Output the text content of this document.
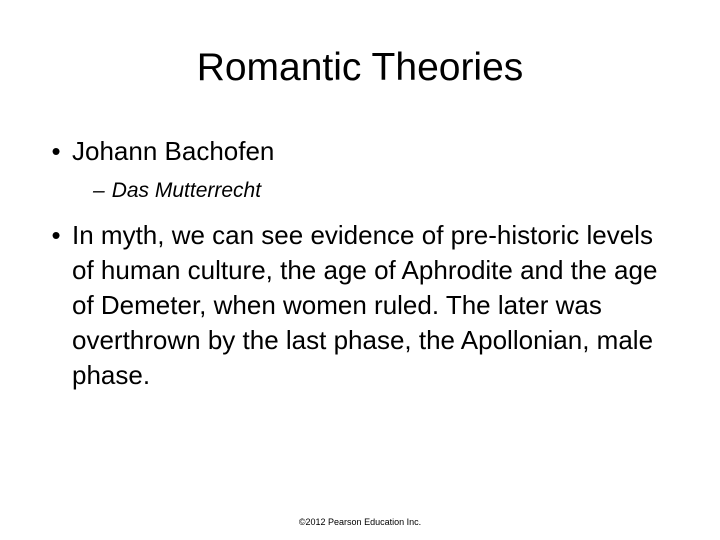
Romantic Theories
• Johann Bachofen
– Das Mutterrecht
• In myth, we can see evidence of pre-historic levels of human culture, the age of Aphrodite and the age of Demeter, when women ruled. The later was overthrown by the last phase, the Apollonian, male phase.
©2012 Pearson Education Inc.
